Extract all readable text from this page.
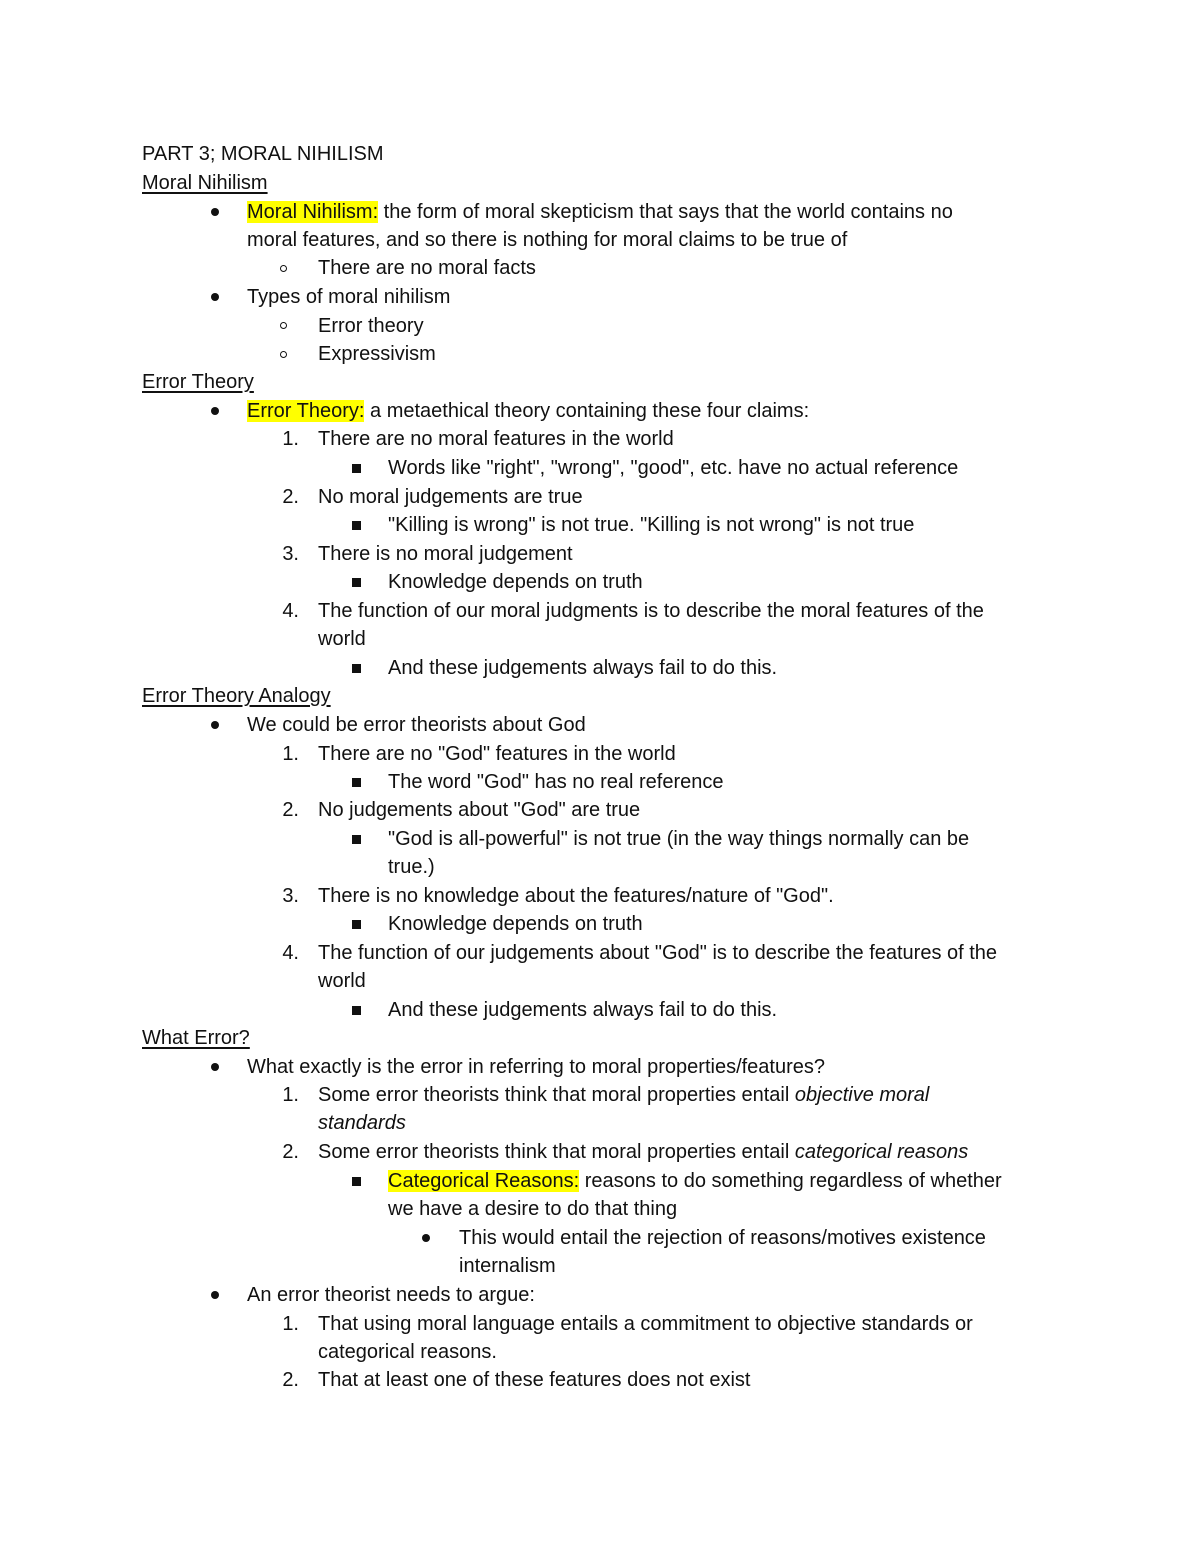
PART 3; MORAL NIHILISM
Moral Nihilism
Moral Nihilism: the form of moral skepticism that says that the world contains no
moral features, and so there is nothing for moral claims to be true of
There are no moral facts
Types of moral nihilism
Error theory
Expressivism
Error Theory
Error Theory: a metaethical theory containing these four claims:
1. There are no moral features in the world
Words like "right", "wrong", "good", etc. have no actual reference
2. No moral judgements are true
"Killing is wrong" is not true. "Killing is not wrong" is not true
3. There is no moral judgement
Knowledge depends on truth
4. The function of our moral judgments is to describe the moral features of the
world
And these judgements always fail to do this.
Error Theory Analogy
We could be error theorists about God
1. There are no "God" features in the world
The word "God" has no real reference
2. No judgements about "God" are true
"God is all-powerful" is not true (in the way things normally can be
true.)
3. There is no knowledge about the features/nature of "God".
Knowledge depends on truth
4. The function of our judgements about "God" is to describe the features of the
world
And these judgements always fail to do this.
What Error?
What exactly is the error in referring to moral properties/features?
1. Some error theorists think that moral properties entail objective moral
standards
2. Some error theorists think that moral properties entail categorical reasons
Categorical Reasons: reasons to do something regardless of whether
we have a desire to do that thing
This would entail the rejection of reasons/motives existence
internalism
An error theorist needs to argue:
1. That using moral language entails a commitment to objective standards or
categorical reasons.
2. That at least one of these features does not exist
